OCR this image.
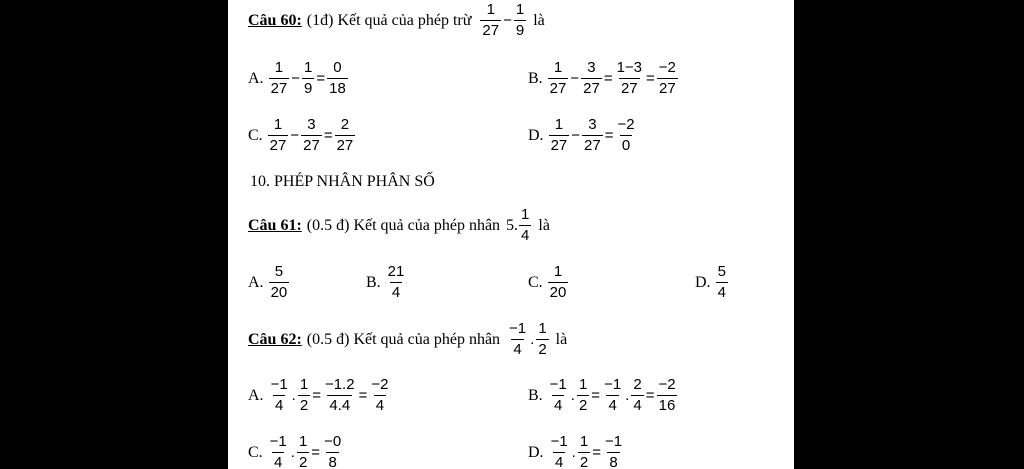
Câu 60: (1đ) Kết quả của phép trừ
1
27
− $\frac{1}{9}$ là
A.
1
27
− $\frac{1}{9} = \frac{0}{18}$	B.
1
27
− $\frac{3}{27} = \frac{1-3}{27} = \frac{-2}{27}$
C.
1
27
− $\frac{3}{27} = \frac{2}{27}$	D.
1
27
− $\frac{3}{27} = \frac{-2}{0}$
10. PHÉP NHÂN PHÂN SỐ
Câu 61: (0.5 đ) Kết quả của phép nhân 5.
1
4
là
A.
5
20
B.
21
4
C.
1
20
D.
5
4
Câu 62: (0.5 đ) Kết quả của phép nhân
−1
4
.
1
2
là
A.
−1
4
. $\frac{1}{2} = \frac{-1.2}{4.4} = \frac{-2}{4}$	B.
−1
4
. $\frac{1}{2} = \frac{-1}{4}$ . $\frac{2}{4} = \frac{-2}{16}$
C.
−1
4
. $\frac{1}{2} = \frac{-0}{8}$	D.
−1
4
. $\frac{1}{2} = \frac{-1}{8}$
